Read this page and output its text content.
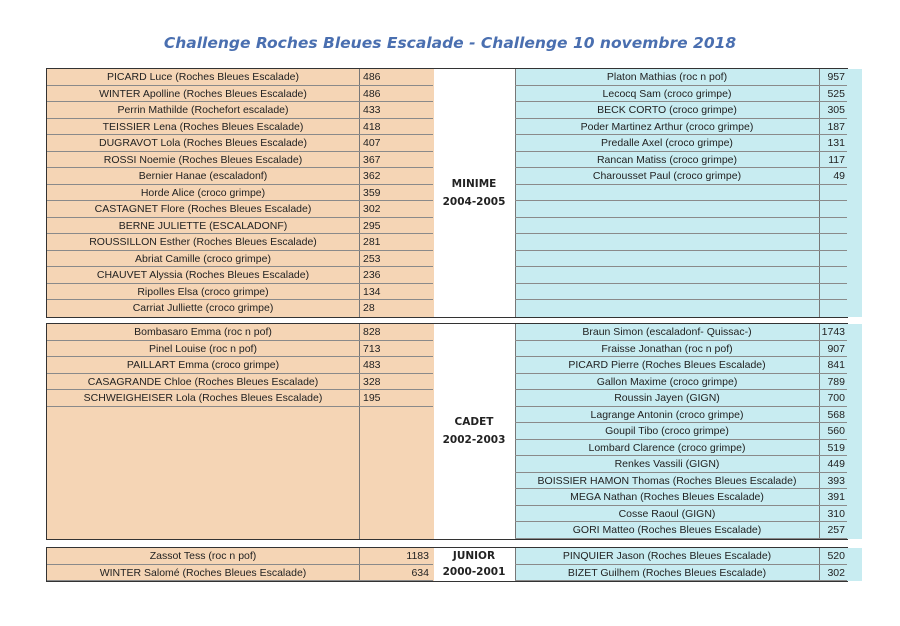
Challenge Roches Bleues Escalade - Challenge 10 novembre 2018
PICARD Luce (Roches Bleues Escalade)	486
WINTER Apolline (Roches Bleues Escalade)	486
Perrin Mathilde (Rochefort escalade)	433
TEISSIER Lena (Roches Bleues Escalade)	418
DUGRAVOT Lola (Roches Bleues Escalade)	407
ROSSI Noemie (Roches Bleues Escalade)	367
Bernier Hanae (escaladonf)	362
Horde Alice (croco grimpe)	359
CASTAGNET Flore (Roches Bleues Escalade)	302
BERNE JULIETTE (ESCALADONF)	295
ROUSSILLON Esther (Roches Bleues Escalade)	281
Abriat Camille (croco grimpe)	253
CHAUVET Alyssia (Roches Bleues Escalade)	236
Ripolles Elsa (croco grimpe)	134
Carriat Julliette (croco grimpe)	28
Platon Mathias (roc n pof)	957
Lecocq Sam (croco grimpe)	525
BECK CORTO (croco grimpe)	305
Poder Martinez Arthur (croco grimpe)	187
Predalle Axel (croco grimpe)	131
Rancan Matiss (croco grimpe)	117
Charousset Paul (croco grimpe)	49
MINIME
2004-2005
Bombasaro Emma (roc n pof)	828
Pinel Louise (roc n pof)	713
PAILLART Emma (croco grimpe)	483
CASAGRANDE Chloe (Roches Bleues Escalade)	328
SCHWEIGHEISER Lola (Roches Bleues Escalade)	195
Braun Simon (escaladonf- Quissac-)	1743
Fraisse Jonathan (roc n pof)	907
PICARD Pierre (Roches Bleues Escalade)	841
Gallon Maxime (croco grimpe)	789
Roussin Jayen (GIGN)	700
Lagrange Antonin (croco grimpe)	568
Goupil Tibo (croco grimpe)	560
Lombard Clarence (croco grimpe)	519
Renkes Vassili (GIGN)	449
BOISSIER HAMON Thomas (Roches Bleues Escalade)	393
MEGA Nathan (Roches Bleues Escalade)	391
Cosse Raoul (GIGN)	310
GORI Matteo (Roches Bleues Escalade)	257
CADET
2002-2003
Zassot Tess (roc n pof)	1183
WINTER Salomé (Roches Bleues Escalade)	634
PINQUIER Jason (Roches Bleues Escalade)	520
BIZET Guilhem (Roches Bleues Escalade)	302
JUNIOR
2000-2001
